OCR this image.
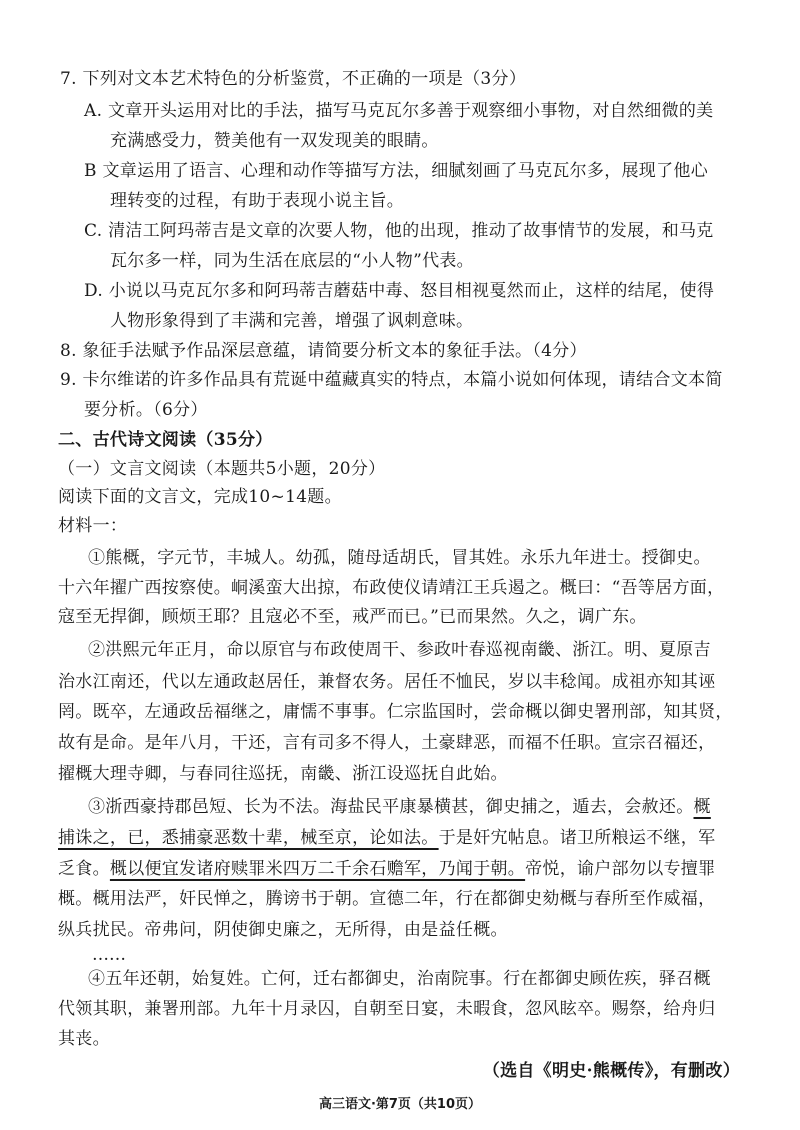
7. 下列对文本艺术特色的分析鉴赏，不正确的一项是（3分）
A. 文章开头运用对比的手法，描写马克瓦尔多善于观察细小事物，对自然细微的美
充满感受力，赞美他有一双发现美的眼睛。
B 文章运用了语言、心理和动作等描写方法，细腻刻画了马克瓦尔多，展现了他心
理转变的过程，有助于表现小说主旨。
C. 清洁工阿玛蒂吉是文章的次要人物，他的出现，推动了故事情节的发展，和马克
瓦尔多一样，同为生活在底层的“小人物”代表。
D. 小说以马克瓦尔多和阿玛蒂吉蘑菇中毒、怒目相视戛然而止，这样的结尾，使得
人物形象得到了丰满和完善，增强了讽刺意味。
8. 象征手法赋予作品深层意蕴，请简要分析文本的象征手法。（4分）
9. 卡尔维诺的许多作品具有荒诞中蕴藏真实的特点，本篇小说如何体现，请结合文本简
要分析。（6分）
二、古代诗文阅读（35分）
（一）文言文阅读（本题共5小题，20分）
阅读下面的文言文，完成10~14题。
材料一：
①熊概，字元节，丰城人。幼孤，随母适胡氏，冒其姓。永乐九年进士。授御史。
十六年擢广西按察使。峒溪蛮大出掠，布政使仪请靖江王兵遏之。概曰：“吾等居方面，
寇至无捍御，顾烦王耶？且寇必不至，戒严而已。”已而果然。久之，调广东。
②洪熙元年正月，命以原官与布政使周干、参政叶春巡视南畿、浙江。明、夏原吉
治水江南还，代以左通政赵居任，兼督农务。居任不恤民，岁以丰稔闻。成祖亦知其诬
罔。既卒，左通政岳福继之，庸懦不事事。仁宗监国时，尝命概以御史署刑部，知其贤，
故有是命。是年八月，干还，言有司多不得人，土豪肆恶，而福不任职。宣宗召福还，
擢概大理寺卿，与春同往巡抚，南畿、浙江设巡抚自此始。
③浙西豪持郡邑短、长为不法。海盐民平康暴横甚，御史捕之，遁去，会赦还。概
捕诛之，已，悉捕豪恶数十辈，械至京，论如法。于是奸宄帖息。诸卫所粮运不继，军
乏食。概以便宜发诸府赎罪米四万二千余石赡军，乃闻于朝。帝悦，谕户部勿以专擅罪
概。概用法严，奸民惮之，腾谤书于朝。宣德二年，行在都御史劾概与春所至作威福，
纵兵扰民。帝弗问，阴使御史廉之，无所得，由是益任概。
……
④五年还朝，始复姓。亡何，迁右都御史，治南院事。行在都御史顾佐疾，驿召概
代领其职，兼署刑部。九年十月录囚，自朝至日宴，未暇食，忽风眩卒。赐祭，给舟归
其丧。
（选自《明史·熊概传》，有删改）
高三语文·第7页（共10页）
